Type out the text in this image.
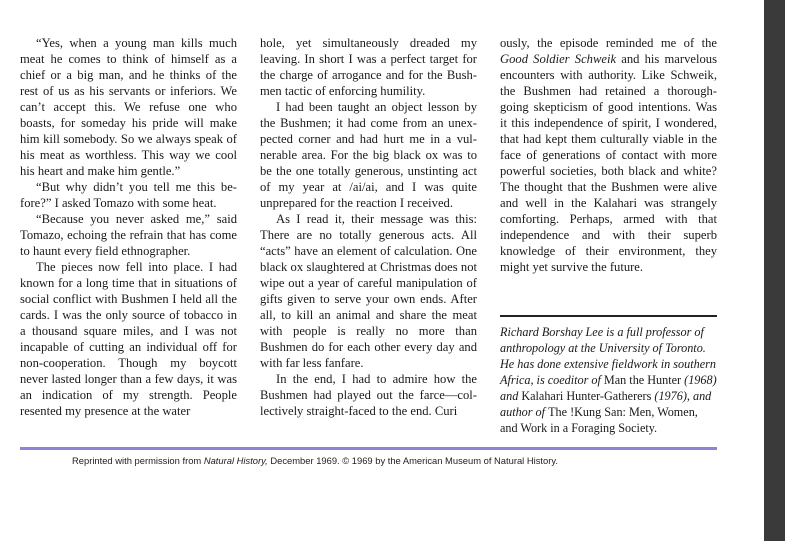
“Yes, when a young man kills much meat he comes to think of himself as a chief or a big man, and he thinks of the rest of us as his servants or inferiors. We can’t accept this. We refuse one who boasts, for someday his pride will make him kill somebody. So we always speak of his meat as worthless. This way we cool his heart and make him gentle.”

“But why didn’t you tell me this before?” I asked Tomazo with some heat.

“Because you never asked me,” said Tomazo, echoing the refrain that has come to haunt every field ethnographer.

The pieces now fell into place. I had known for a long time that in situations of social conflict with Bushmen I held all the cards. I was the only source of tobacco in a thousand square miles, and I was not incapable of cutting an individual off for non-cooperation. Though my boycott never lasted longer than a few days, it was an indication of my strength. People resented my presence at the water

hole, yet simultaneously dreaded my leaving. In short I was a perfect target for the charge of arrogance and for the Bushmen tactic of enforcing humility.

I had been taught an object lesson by the Bushmen; it had come from an unexpected corner and had hurt me in a vulnerable area. For the big black ox was to be the one totally generous, unstinting act of my year at /ai/ai, and I was quite unprepared for the reaction I received.

As I read it, their message was this: There are no totally generous acts. All “acts” have an element of calculation. One black ox slaughtered at Christmas does not wipe out a year of careful manipulation of gifts given to serve your own ends. After all, to kill an animal and share the meat with people is really no more than Bushmen do for each other every day and with far less fanfare.

In the end, I had to admire how the Bushmen had played out the farce—collectively straight-faced to the end. Curi

ously, the episode reminded me of the Good Soldier Schweik and his marvelous encounters with authority. Like Schweik, the Bushmen had retained a thorough-going skepticism of good intentions. Was it this independence of spirit, I wondered, that had kept them culturally viable in the face of generations of contact with more powerful societies, both black and white? The thought that the Bushmen were alive and well in the Kalahari was strangely comforting. Perhaps, armed with that independence and with their superb knowledge of their environment, they might yet survive the future.

Richard Borshay Lee is a full professor of anthropology at the University of Toronto. He has done extensive fieldwork in southern Africa, is coeditor of Man the Hunter (1968) and Kalahari Hunter-Gatherers (1976), and author of The !Kung San: Men, Women, and Work in a Foraging Society.
Reprinted with permission from Natural History, December 1969. © 1969 by the American Museum of Natural History.
